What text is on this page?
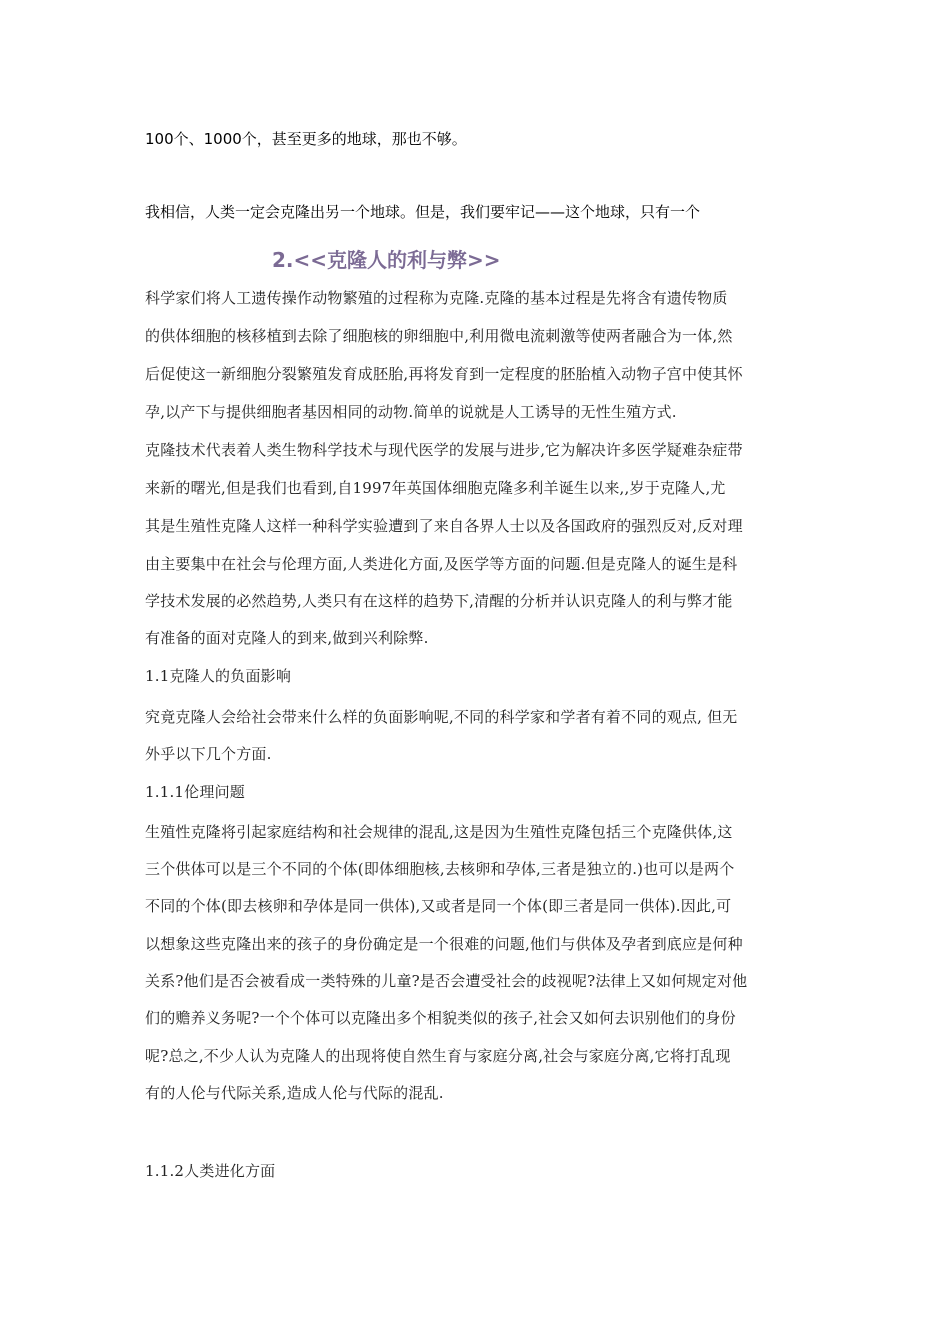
100个、1000个，甚至更多的地球，那也不够。
我相信，人类一定会克隆出另一个地球。但是，我们要牢记——这个地球，只有一个
2.<<克隆人的利与弊>>
科学家们将人工遗传操作动物繁殖的过程称为克隆.克隆的基本过程是先将含有遗传物质
的供体细胞的核移植到去除了细胞核的卵细胞中,利用微电流刺激等使两者融合为一体,然
后促使这一新细胞分裂繁殖发育成胚胎,再将发育到一定程度的胚胎植入动物子宫中使其怀
孕,以产下与提供细胞者基因相同的动物.简单的说就是人工诱导的无性生殖方式.
克隆技术代表着人类生物科学技术与现代医学的发展与进步,它为解决许多医学疑难杂症带
来新的曙光,但是我们也看到,自1997年英国体细胞克隆多利羊诞生以来,,岁于克隆人,尤
其是生殖性克隆人这样一种科学实验遭到了来自各界人士以及各国政府的强烈反对,反对理
由主要集中在社会与伦理方面,人类进化方面,及医学等方面的问题.但是克隆人的诞生是科
学技术发展的必然趋势,人类只有在这样的趋势下,清醒的分析并认识克隆人的利与弊才能
有准备的面对克隆人的到来,做到兴利除弊.
1.1克隆人的负面影响
究竟克隆人会给社会带来什么样的负面影响呢,不同的科学家和学者有着不同的观点, 但无
外乎以下几个方面.
1.1.1伦理问题
生殖性克隆将引起家庭结构和社会规律的混乱,这是因为生殖性克隆包括三个克隆供体,这
三个供体可以是三个不同的个体(即体细胞核,去核卵和孕体,三者是独立的.)也可以是两个
不同的个体(即去核卵和孕体是同一供体),又或者是同一个体(即三者是同一供体).因此,可
以想象这些克隆出来的孩子的身份确定是一个很难的问题,他们与供体及孕者到底应是何种
关系?他们是否会被看成一类特殊的儿童?是否会遭受社会的歧视呢?法律上又如何规定对他
们的赡养义务呢?一个个体可以克隆出多个相貌类似的孩子,社会又如何去识别他们的身份
呢?总之,不少人认为克隆人的出现将使自然生育与家庭分离,社会与家庭分离,它将打乱现
有的人伦与代际关系,造成人伦与代际的混乱.
1.1.2人类进化方面
